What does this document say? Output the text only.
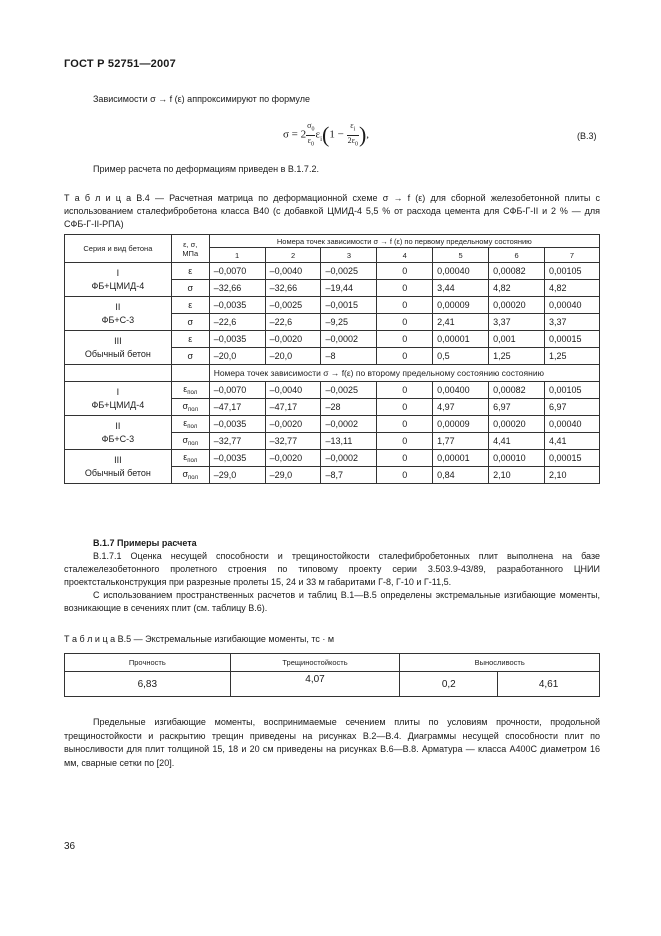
ГОСТ Р 52751—2007
Зависимости σ → f (ε) аппроксимируют по формуле
$\sigma = 2 \frac{\sigma_0}{\varepsilon_0} \varepsilon_i(1 - \frac{\varepsilon_i}{2\varepsilon_0}$ ),	(В.3)
Пример расчета по деформациям приведен в В.1.7.2.
Т а б л и ц а В.4 — Расчетная матрица по деформационной схеме σ → f (ε) для сборной железобетонной плиты с использованием сталефибробетона класса В40 (с добавкой ЦМИД-4 5,5 % от расхода цемента для СФБ-Г-II и 2 % — для СФБ-Г-II-РПА)
Серия и вид бетона	ε, σ, МПа	Номера точек зависимости σ → f (ε) по первому предельному состоянию						
		1	2	3	4	5	6	7

I
ФБ+ЦМИД-4	ε	–0,0070	–0,0040	–0,0025	0	0,00040	0,00082	0,00105
	σ	–32,66	–32,66	–19,44	0	3,44	4,82	4,82

II
ФБ+С-3	ε	–0,0035	–0,0025	–0,0015	0	0,00009	0,00020	0,00040
	σ	–22,6	–22,6	–9,25	0	2,41	3,37	3,37

III
Обычный бетон	ε	–0,0035	–0,0020	–0,0002	0	0,00001	0,001	0,00015
	σ	–20,0	–20,0	–8	0	0,5	1,25	1,25
		Номера точек зависимости σ → f(ε) по второму предельному состоянию состоянию						

I
ФБ+ЦМИД-4	$\varepsilon_{пол}$	–0,0070	–0,0040	–0,0025	0	0,00400	0,00082	0,00105
	$\sigma_{пол}$	–47,17	–47,17	–28	0	4,97	6,97	6,97

II
ФБ+С-3	$\varepsilon_{пол}$	–0,0035	–0,0020	–0,0002	0	0,00009	0,00020	0,00040
	$\sigma_{пол}$	–32,77	–32,77	–13,11	0	1,77	4,41	4,41

III
Обычный бетон	$\varepsilon_{пол}$	–0,0035	–0,0020	–0,0002	0	0,00001	0,00010	0,00015
	$\sigma_{пол}$	–29,0	–29,0	–8,7	0	0,84	2,10	2,10
В.1.7 Примеры расчета
В.1.7.1 Оценка несущей способности и трещиностойкости сталефибробетонных плит выполнена на базе сталежелезобетонного пролетного строения по типовому проекту серии 3.503.9-43/89, разработанного ЦНИИ проектстальконструкция при разрезные пролеты 15, 24 и 33 м габаритами Г-8, Г-10 и Г-11,5.
С использованием пространственных расчетов и таблиц В.1—В.5 определены экстремальные изгибающие моменты, возникающие в сечениях плит (см. таблицу В.6).
Т а б л и ц а В.5 — Экстремальные изгибающие моменты, тс · м
Прочность	Трещиностойкость	Выносливость	
6,83	4,07	0,2	4,61
Предельные изгибающие моменты, воспринимаемые сечением плиты по условиям прочности, продольной трещиностойкости и раскрытию трещин приведены на рисунках В.2—В.4. Диаграммы несущей способности плит по выносливости для плит толщиной 15, 18 и 20 см приведены на рисунках В.6—В.8. Арматура — класса А400С диаметром 16 мм, сварные сетки по [20].
36
